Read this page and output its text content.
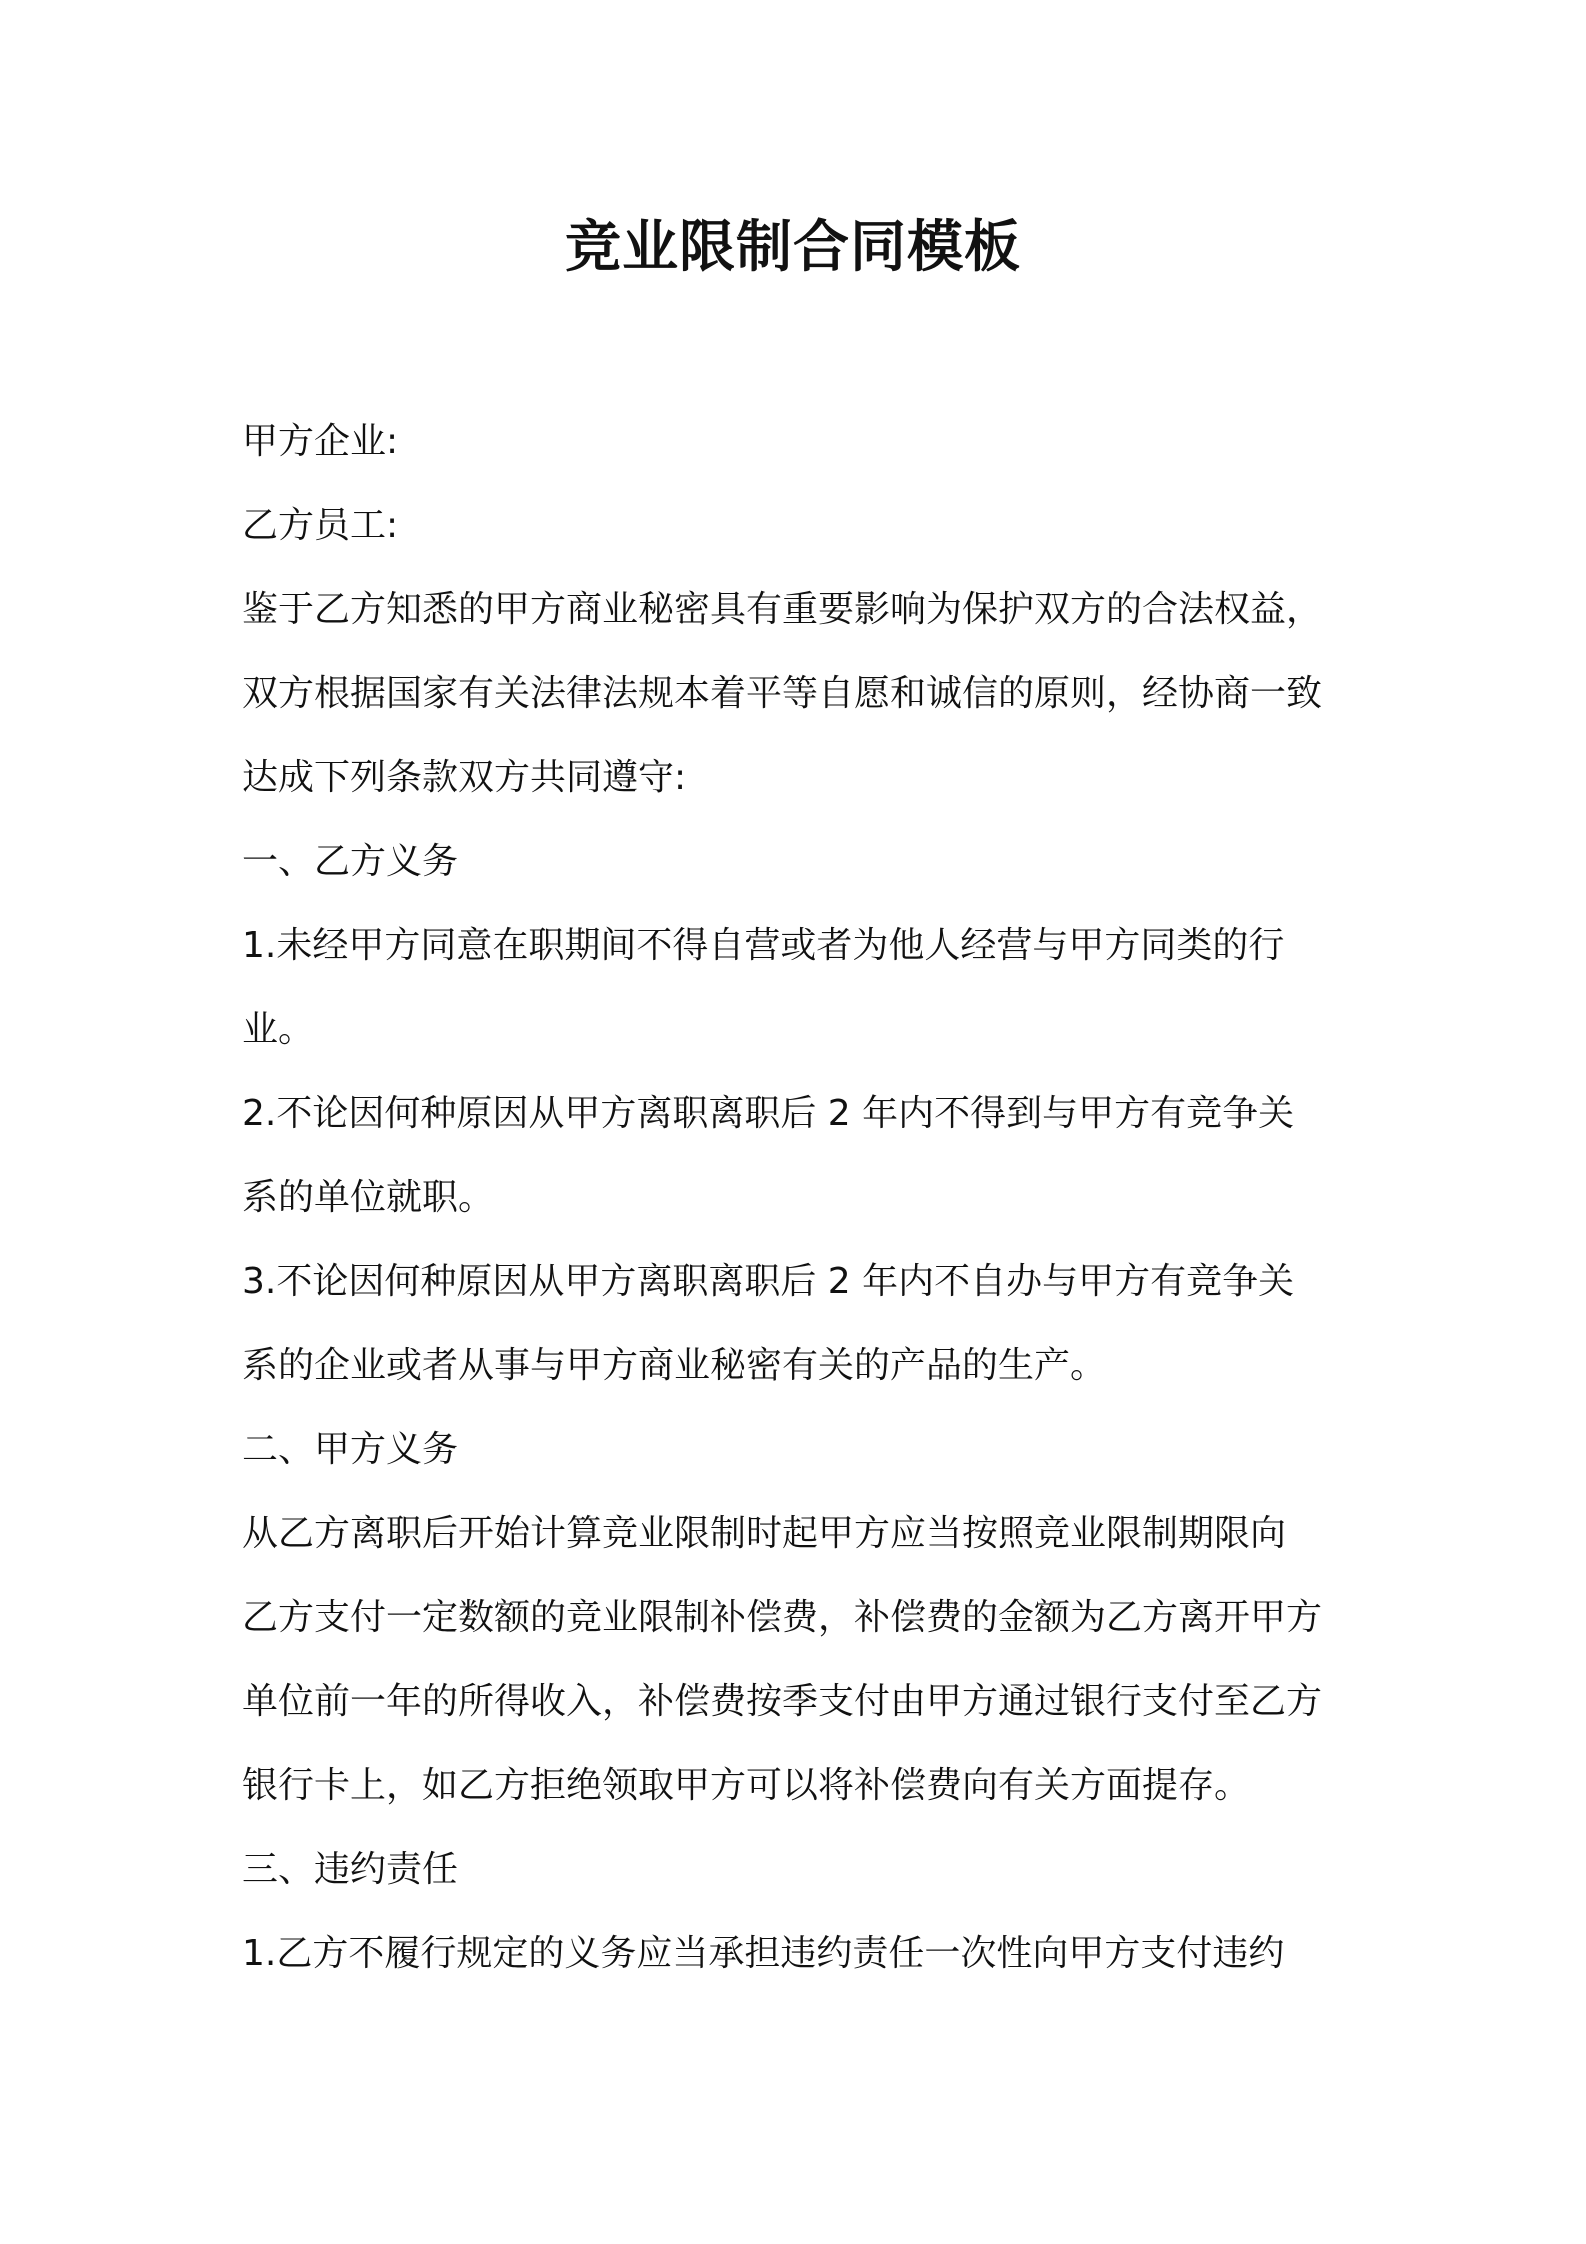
竞业限制合同模板
甲方企业:
乙方员工:
鉴于乙方知悉的甲方商业秘密具有重要影响为保护双方的合法权益，
双方根据国家有关法律法规本着平等自愿和诚信的原则，经协商一致
达成下列条款双方共同遵守:
一、乙方义务
1.未经甲方同意在职期间不得自营或者为他人经营与甲方同类的行
业。
2.不论因何种原因从甲方离职离职后 2 年内不得到与甲方有竞争关
系的单位就职。
3.不论因何种原因从甲方离职离职后 2 年内不自办与甲方有竞争关
系的企业或者从事与甲方商业秘密有关的产品的生产。
二、甲方义务
从乙方离职后开始计算竞业限制时起甲方应当按照竞业限制期限向
乙方支付一定数额的竞业限制补偿费，补偿费的金额为乙方离开甲方
单位前一年的所得收入，补偿费按季支付由甲方通过银行支付至乙方
银行卡上，如乙方拒绝领取甲方可以将补偿费向有关方面提存。
三、违约责任
1.乙方不履行规定的义务应当承担违约责任一次性向甲方支付违约
